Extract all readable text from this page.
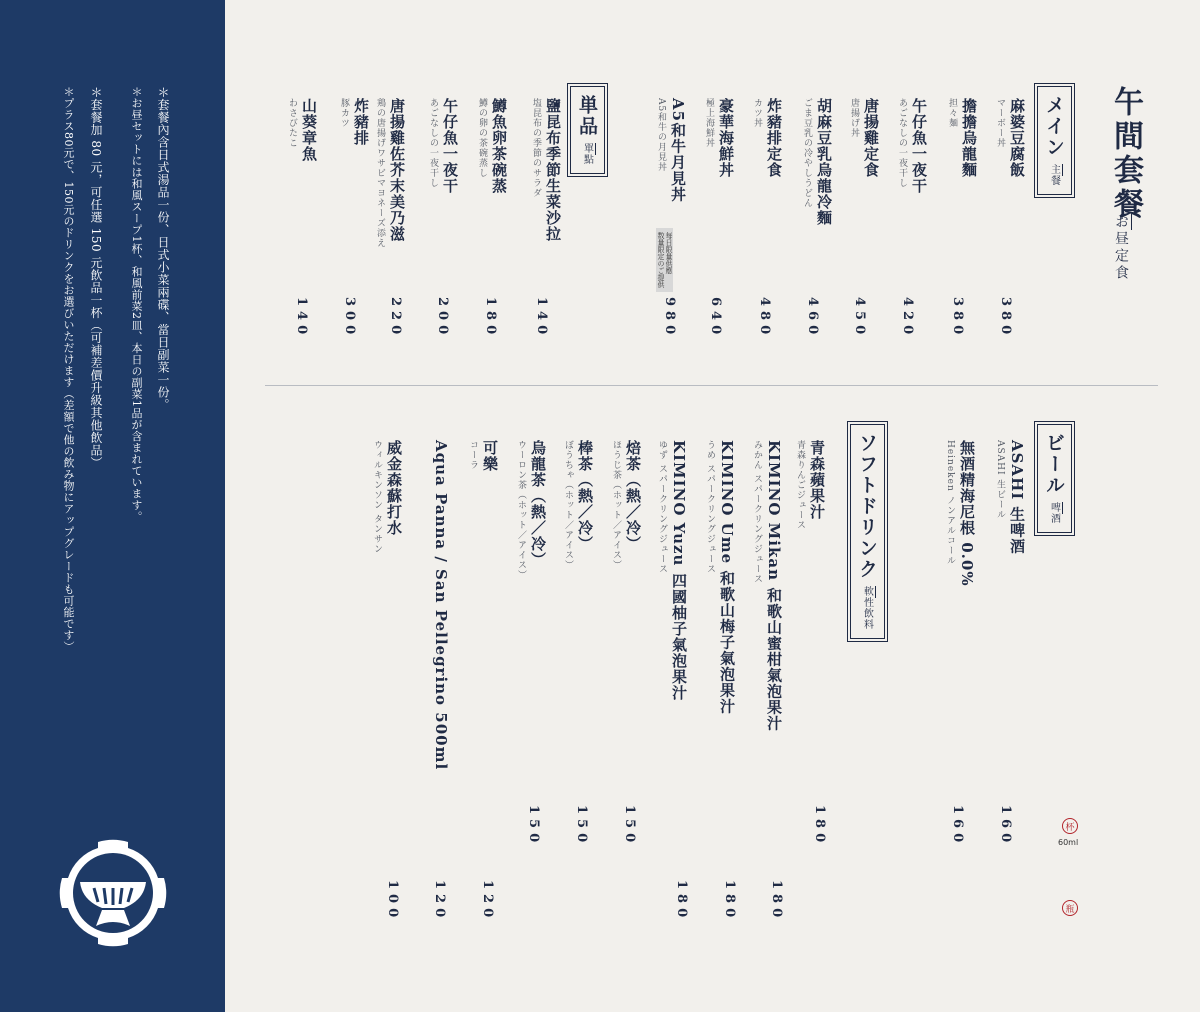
＊套餐內含日式湯品一份、日式小菜兩碟、當日副菜一份。
＊お昼セットには和風スープ1杯、和風前菜2皿、本日の副菜1品が含まれています。
＊套餐加 80 元，可任選 150 元飲品一杯（可補差價升級其他飲品）
＊プラス80元で、150元のドリンクをお選びいただけます（差額で他の飲み物にアップグレードも可能です）	午間套餐
お昼定食
メイン
主餐
麻婆豆腐飯
マーボー丼
380
擔擔烏龍麵
担々麺
380
午仔魚一夜干
あごなしの一夜干し
420
唐揚雞定食
唐揚げ丼
450
胡麻豆乳烏龍冷麵
ごま豆乳の冷やしうどん
460
炸豬排定食
カツ丼
480
豪華海鮮丼
極上海鮮丼
640
A5和牛月見丼
A5和牛の月見丼
每日限量供應
数量限定のご提供
980
単品
單點
鹽昆布季節生菜沙拉
塩昆布の季節のサラダ
140
鱒魚卵茶碗蒸
鱒の卵の茶碗蒸し
180
午仔魚一夜干
あごなしの一夜干し
200
唐揚雞佐芥末美乃滋
鶏の唐揚げワサビマヨネーズ添え
220
炸豬排
豚カツ
300
山葵章魚
わさびたこ
140
ビール
啤酒
ASAHI 生啤酒
ASAHI 生ビール
160
無酒精海尼根 0.0%
Heineken ノンアルコール
160
ソフトドリンク
軟性飲料
青森蘋果汁
青森りんごジュース
180
KIMINO Mikan 和歌山蜜柑氣泡果汁
みかん スパークリングジュース
180
KIMINO Ume 和歌山梅子氣泡果汁
うめ スパークリングジュース
180
KIMINO Yuzu 四國柚子氣泡果汁
ゆず スパークリングジュース
180
焙茶（熱／冷）
ほうじ茶（ホット／アイス）
150
棒茶（熱／冷）
ぼうちゃ（ホット／アイス）
150
烏龍茶（熱／冷）
ウーロン茶（ホット／アイス）
150
可樂
コーラ
120
Aqua Panna / San Pellegrino 500ml
120
威金森蘇打水
ウィルキンソン タンサン
100
杯
60ml
瓶
